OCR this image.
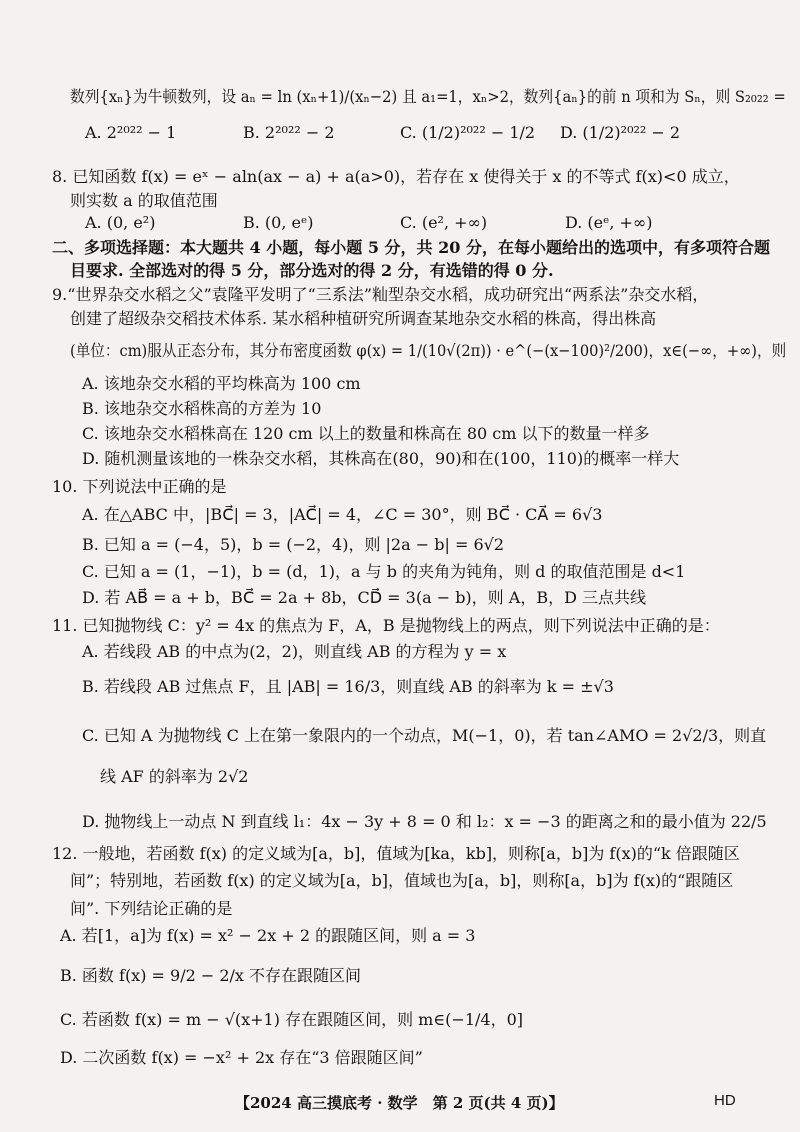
数列{xₙ}为牛顿数列，设 aₙ = ln (xₙ+1)/(xₙ−2) 且 a₁=1，xₙ>2，数列{aₙ}的前 n 项和为 Sₙ，则 S₂₀₂₂ =
A. 2²⁰²² − 1	B. 2²⁰²² − 2	C. (1/2)²⁰²² − 1/2 D. (1/2)²⁰²² − 2
8. 已知函数 f(x) = eˣ − aln(ax − a) + a(a>0)，若存在 x 使得关于 x 的不等式 f(x)<0 成立，
则实数 a 的取值范围
A. (0, e²)	B. (0, eᵉ)	C. (e², +∞)	D. (eᵉ, +∞)
二、多项选择题：本大题共 4 小题，每小题 5 分，共 20 分，在每小题给出的选项中，有多项符合题
目要求. 全部选对的得 5 分，部分选对的得 2 分，有选错的得 0 分.
9.“世界杂交水稻之父”袁隆平发明了“三系法”籼型杂交水稻，成功研究出“两系法”杂交水稻，
创建了超级杂交稻技术体系. 某水稻种植研究所调查某地杂交水稻的株高，得出株高
(单位：cm)服从正态分布，其分布密度函数 φ(x) = 1/(10√(2π)) · e^(−(x−100)²/200)，x∈(−∞，+∞)，则
A. 该地杂交水稻的平均株高为 100 cm
B. 该地杂交水稻株高的方差为 10
C. 该地杂交水稻株高在 120 cm 以上的数量和株高在 80 cm 以下的数量一样多
D. 随机测量该地的一株杂交水稻，其株高在(80，90)和在(100，110)的概率一样大
10. 下列说法中正确的是
A. 在△ABC 中，|BC⃗| = 3，|AC⃗| = 4，∠C = 30°，则 BC⃗ · CA⃗ = 6√3
B. 已知 a = (−4，5)，b = (−2，4)，则 |2a − b| = 6√2
C. 已知 a = (1，−1)，b = (d，1)，a 与 b 的夹角为钝角，则 d 的取值范围是 d<1
D. 若 AB⃗ = a + b，BC⃗ = 2a + 8b，CD⃗ = 3(a − b)，则 A，B，D 三点共线
11. 已知抛物线 C：y² = 4x 的焦点为 F，A，B 是抛物线上的两点，则下列说法中正确的是：
A. 若线段 AB 的中点为(2，2)，则直线 AB 的方程为 y = x
B. 若线段 AB 过焦点 F，且 |AB| = 16/3，则直线 AB 的斜率为 k = ±√3
C. 已知 A 为抛物线 C 上在第一象限内的一个动点，M(−1，0)，若 tan∠AMO = 2√2/3，则直
线 AF 的斜率为 2√2
D. 抛物线上一动点 N 到直线 l₁：4x − 3y + 8 = 0 和 l₂：x = −3 的距离之和的最小值为 22/5
12. 一般地，若函数 f(x) 的定义域为[a，b]，值域为[ka，kb]，则称[a，b]为 f(x)的“k 倍跟随区
间”；特别地，若函数 f(x) 的定义域为[a，b]，值域也为[a，b]，则称[a，b]为 f(x)的“跟随区
间”. 下列结论正确的是
A. 若[1，a]为 f(x) = x² − 2x + 2 的跟随区间，则 a = 3
B. 函数 f(x) = 9/2 − 2/x 不存在跟随区间
C. 若函数 f(x) = m − √(x+1) 存在跟随区间，则 m∈(−1/4，0]
D. 二次函数 f(x) = −x² + 2x 存在“3 倍跟随区间”
【2024 高三摸底考 · 数学　第 2 页(共 4 页)】	HD
